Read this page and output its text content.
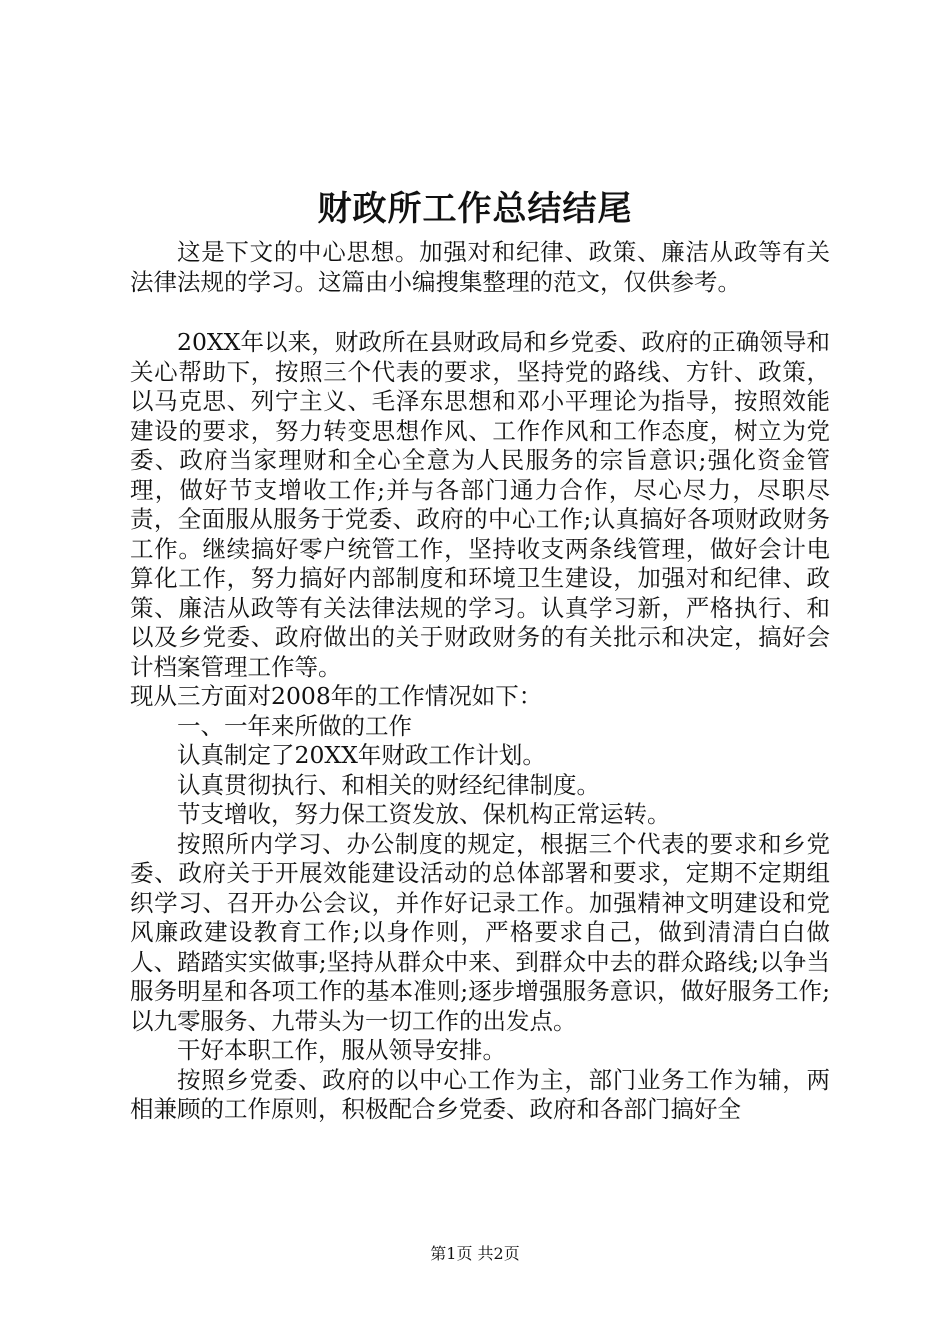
财政所工作总结结尾

这是下文的中心思想。加强对和纪律、政策、廉洁从政等有关法律法规的学习。这篇由小编搜集整理的范文，仅供参考。

20XX年以来，财政所在县财政局和乡党委、政府的正确领导和关心帮助下，按照三个代表的要求，坚持党的路线、方针、政策，以马克思、列宁主义、毛泽东思想和邓小平理论为指导，按照效能建设的要求，努力转变思想作风、工作作风和工作态度，树立为党委、政府当家理财和全心全意为人民服务的宗旨意识;强化资金管理，做好节支增收工作;并与各部门通力合作，尽心尽力，尽职尽责，全面服从服务于党委、政府的中心工作;认真搞好各项财政财务工作。继续搞好零户统管工作，坚持收支两条线管理，做好会计电算化工作，努力搞好内部制度和环境卫生建设，加强对和纪律、政策、廉洁从政等有关法律法规的学习。认真学习新，严格执行、和以及乡党委、政府做出的关于财政财务的有关批示和决定，搞好会计档案管理工作等。

现从三方面对2008年的工作情况如下：

一、一年来所做的工作

认真制定了20XX年财政工作计划。

认真贯彻执行、和相关的财经纪律制度。

节支增收，努力保工资发放、保机构正常运转。

按照所内学习、办公制度的规定，根据三个代表的要求和乡党委、政府关于开展效能建设活动的总体部署和要求，定期不定期组织学习、召开办公会议，并作好记录工作。加强精神文明建设和党风廉政建设教育工作;以身作则，严格要求自己，做到清清白白做人、踏踏实实做事;坚持从群众中来、到群众中去的群众路线;以争当服务明星和各项工作的基本准则;逐步增强服务意识，做好服务工作;以九零服务、九带头为一切工作的出发点。

干好本职工作，服从领导安排。

按照乡党委、政府的以中心工作为主，部门业务工作为辅，两相兼顾的工作原则，积极配合乡党委、政府和各部门搞好全

第1页 共2页
